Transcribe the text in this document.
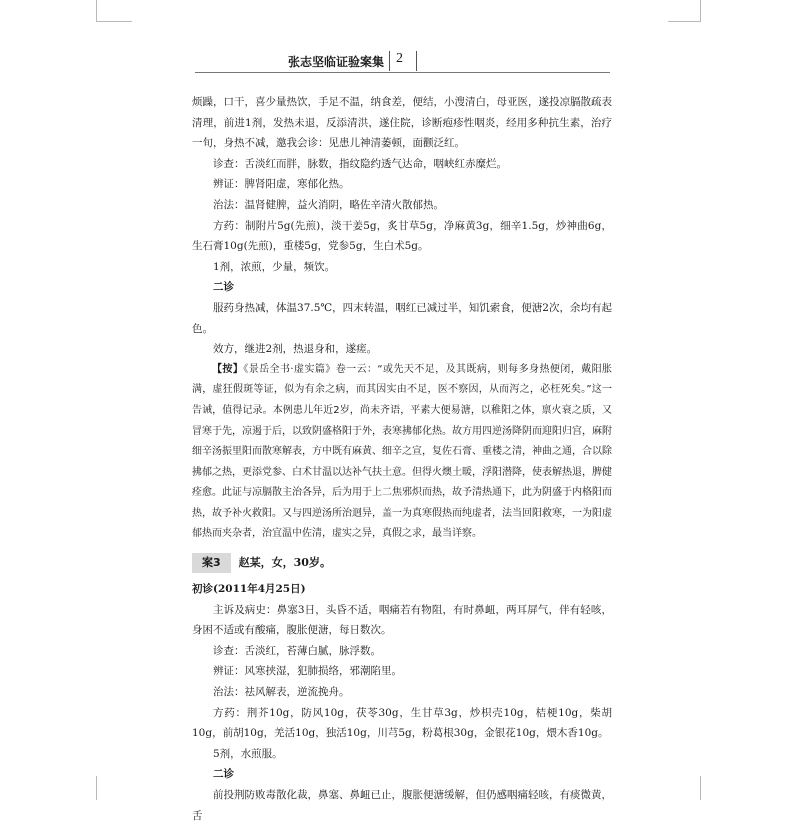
张志坚临证验案集 2

烦躁，口干，喜少量热饮，手足不温，纳食差，便结，小溲清白，母亚医，遂投凉膈散疏表清理，前进1剂，发热未退，反添清洪，遂住院，诊断疱疹性咽炎，经用多种抗生素，治疗一旬，身热不减，邀我会诊：见患儿神清萎顿，面颧泛红。

诊查：舌淡红而胖，脉数，指纹隐约透气达命，咽峡红赤糜烂。

辨证：脾肾阳虚，寒郁化热。

治法：温肾健脾，益火消阴，略佐辛清火散郁热。

方药：制附片5g(先煎)，淡干姜5g，炙甘草5g，净麻黄3g，细辛1.5g，炒神曲6g，生石膏10g(先煎)，重楼5g，党参5g，生白术5g。

1剂，浓煎，少量，频饮。

二诊

服药身热减，体温37.5℃，四末转温，咽红已减过半，知饥索食，便溏2次，余均有起色。

效方，继进2剂，热退身和，遂瘥。

【按】《景岳全书·虚实篇》卷一云：“或先天不足，及其既病，则每多身热便闭，戴阳胀满，虚狂假斑等证，似为有余之病，而其因实由不足，医不察因，从而泻之，必枉死矣。”这一告诫，值得记录。本例患儿年近2岁，尚未齐语，平素大便易溏，以稚阳之体，禀火衰之质，又冒寒于先，凉遏于后，以致阴盛格阳于外，表寒拂郁化热。故方用四逆汤降阴而迎阳归宫，麻附细辛汤振里阳而散寒解表，方中既有麻黄、细辛之宣，复佐石膏、重楼之清，神曲之通，合以除拂郁之热，更添党参、白术甘温以达补气扶土意。但得火燠土暖，浮阳潜降，使表解热退，脾健痊愈。此证与凉膈散主治各异，后为用于上二焦邪炽而热，故予清热通下，此为阴盛于内格阳而热，故予补火救阳。又与四逆汤所治迥异，盖一为真寒假热而纯虚者，法当回阳救寒，一为阳虚郁热而夹杂者，治宜温中佐清，虚实之异，真假之求，最当详察。

案3	赵某，女，30岁。

初诊(2011年4月25日)

主诉及病史：鼻塞3日，头昏不适，咽痛若有物阻，有时鼻衄，两耳屏气，伴有轻咳，身困不适或有酸痛，腹胀便溏，每日数次。

诊查：舌淡红，苔薄白腻，脉浮数。

辨证：风寒挟湿，犯肺损络，邪潮陷里。

治法：祛风解表，逆流挽舟。

方药：荆芥10g，防风10g，茯苓30g，生甘草3g，炒枳壳10g，桔梗10g，柴胡10g，前胡10g，羌活10g，独活10g，川芎5g，粉葛根30g，金银花10g，煨木香10g。

5剂，水煎服。

二诊

前投荆防败毒散化裁，鼻塞、鼻衄已止，腹胀便溏缓解，但仍感咽痛轻咳，有痰微黄，舌
